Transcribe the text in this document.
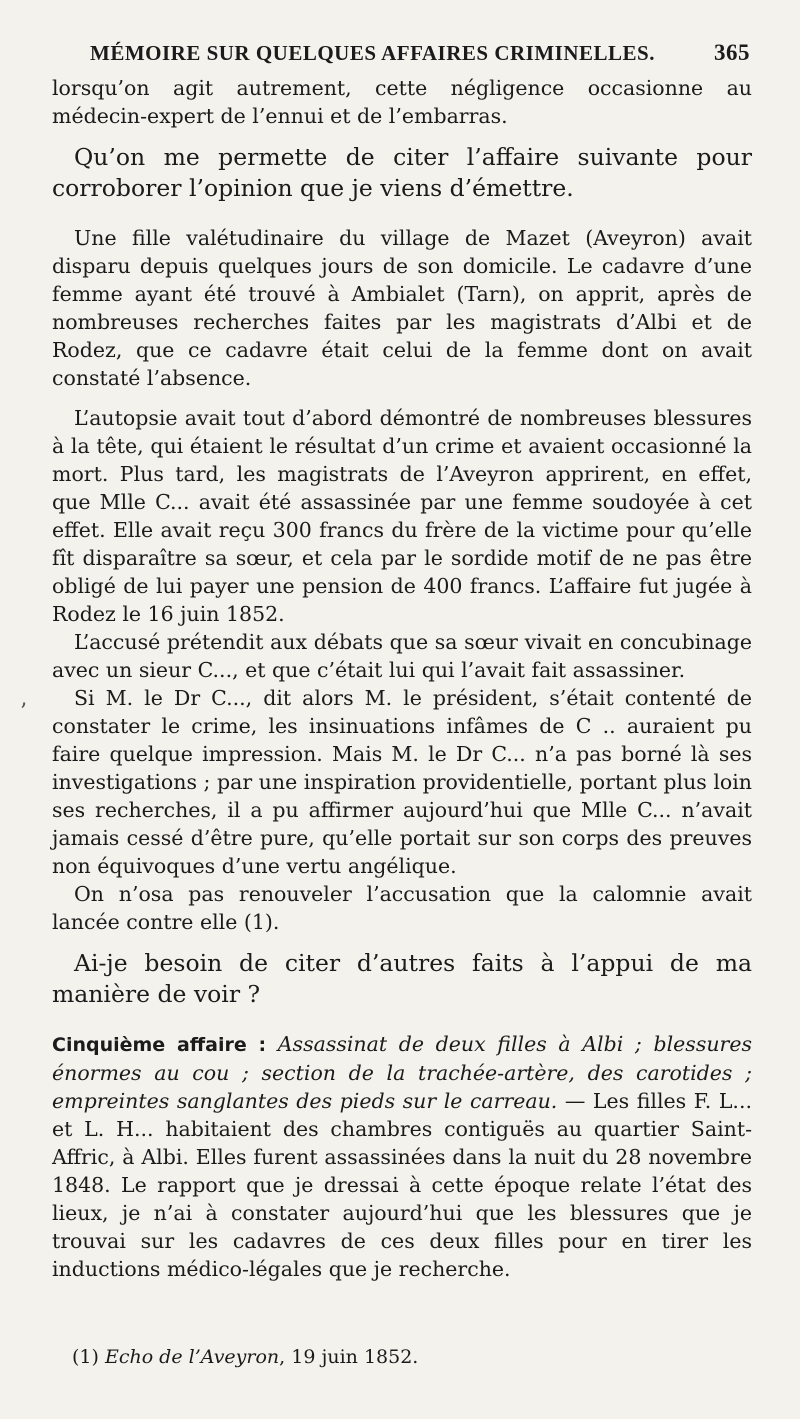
MÉMOIRE SUR QUELQUES AFFAIRES CRIMINELLES.	365
’

lorsqu’on agit autrement, cette négligence occasionne au médecin-expert de l’ennui et de l’embarras.

Qu’on me permette de citer l’affaire suivante pour corroborer l’opinion que je viens d’émettre.

Une fille valétudinaire du village de Mazet (Aveyron) avait disparu depuis quelques jours de son domicile. Le cadavre d’une femme ayant été trouvé à Ambialet (Tarn), on apprit, après de nombreuses recherches faites par les magistrats d’Albi et de Rodez, que ce cadavre était celui de la femme dont on avait constaté l’absence.

L’autopsie avait tout d’abord démontré de nombreuses blessures à la tête, qui étaient le résultat d’un crime et avaient occasionné la mort. Plus tard, les magistrats de l’Aveyron apprirent, en effet, que Mlle C... avait été assassinée par une femme soudoyée à cet effet. Elle avait reçu 300 francs du frère de la victime pour qu’elle fît disparaître sa sœur, et cela par le sordide motif de ne pas être obligé de lui payer une pension de 400 francs. L’affaire fut jugée à Rodez le 16 juin 1852.

L’accusé prétendit aux débats que sa sœur vivait en concubinage avec un sieur C..., et que c’était lui qui l’avait fait assassiner.

Si M. le Dr C..., dit alors M. le président, s’était contenté de constater le crime, les insinuations infâmes de C .. auraient pu faire quelque impression. Mais M. le Dr C... n’a pas borné là ses investigations ; par une inspiration providentielle, portant plus loin ses recherches, il a pu affirmer aujourd’hui que Mlle C... n’avait jamais cessé d’être pure, qu’elle portait sur son corps des preuves non équivoques d’une vertu angélique.

On n’osa pas renouveler l’accusation que la calomnie avait lancée contre elle (1).

Ai-je besoin de citer d’autres faits à l’appui de ma manière de voir ?

Cinquième affaire : Assassinat de deux filles à Albi ; blessures énormes au cou ; section de la trachée-artère, des carotides ; empreintes sanglantes des pieds sur le carreau. — Les filles F. L... et L. H... habitaient des chambres contiguës au quartier Saint-Affric, à Albi. Elles furent assassinées dans la nuit du 28 novembre 1848. Le rapport que je dressai à cette époque relate l’état des lieux, je n’ai à constater aujourd’hui que les blessures que je trouvai sur les cadavres de ces deux filles pour en tirer les inductions médico-légales que je recherche.

(1) Echo de l’Aveyron, 19 juin 1852.
